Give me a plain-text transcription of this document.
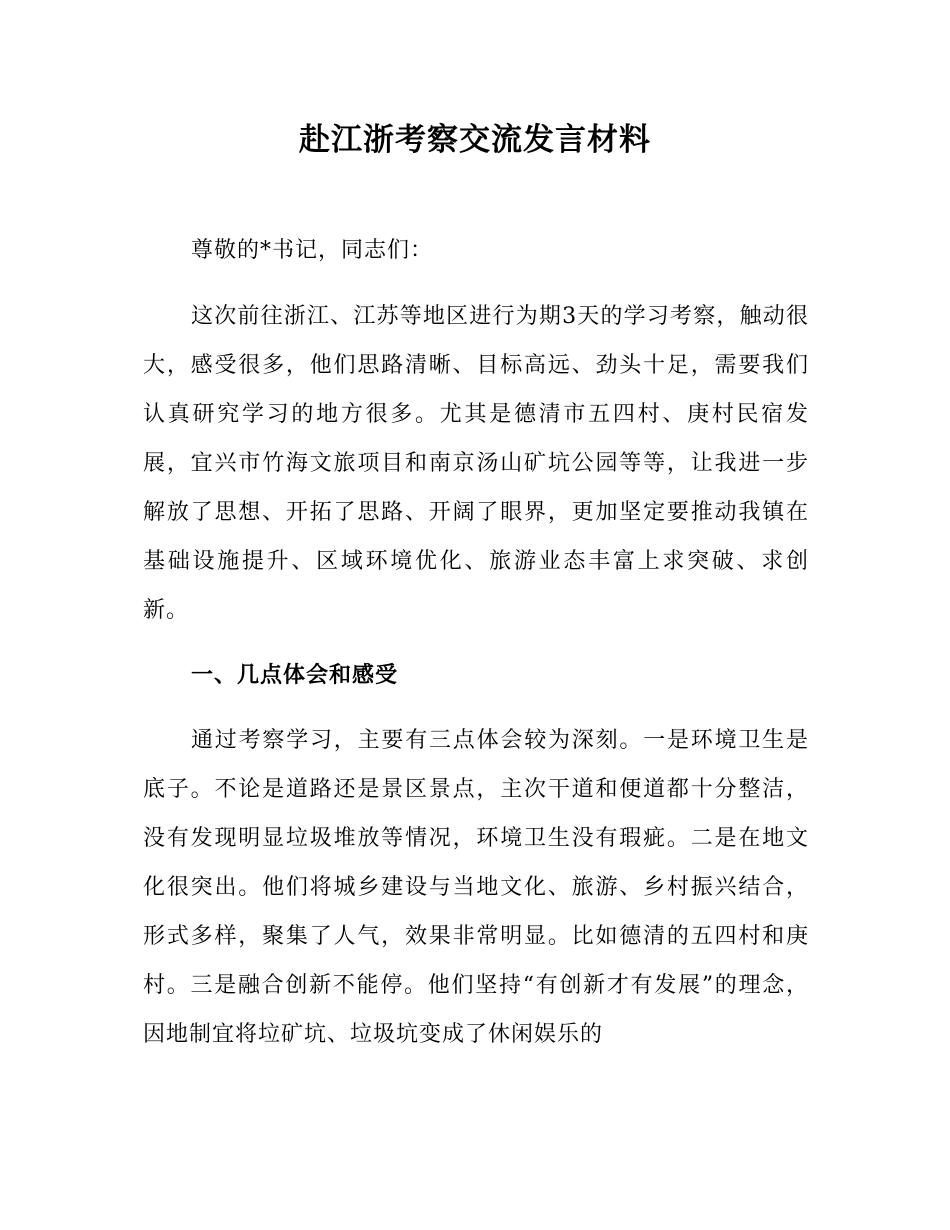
赴江浙考察交流发言材料

尊敬的*书记，同志们：

这次前往浙江、江苏等地区进行为期3天的学习考察，触动很大，感受很多，他们思路清晰、目标高远、劲头十足，需要我们认真研究学习的地方很多。尤其是德清市五四村、庚村民宿发展，宜兴市竹海文旅项目和南京汤山矿坑公园等等，让我进一步解放了思想、开拓了思路、开阔了眼界，更加坚定要推动我镇在基础设施提升、区域环境优化、旅游业态丰富上求突破、求创新。

一、几点体会和感受

通过考察学习，主要有三点体会较为深刻。一是环境卫生是底子。不论是道路还是景区景点，主次干道和便道都十分整洁，没有发现明显垃圾堆放等情况，环境卫生没有瑕疵。二是在地文化很突出。他们将城乡建设与当地文化、旅游、乡村振兴结合，形式多样，聚集了人气，效果非常明显。比如德清的五四村和庚村。三是融合创新不能停。他们坚持“有创新才有发展”的理念，因地制宜将垃矿坑、垃圾坑变成了休闲娱乐的
